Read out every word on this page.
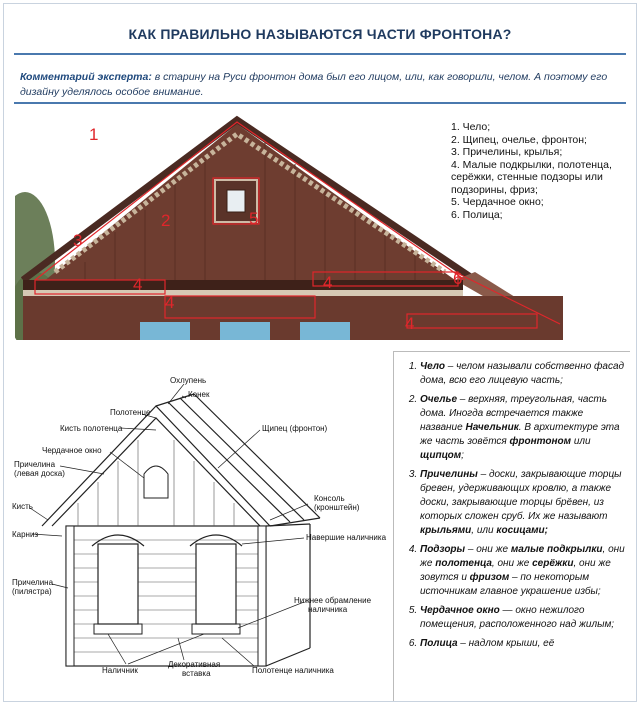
КАК ПРАВИЛЬНО НАЗЫВАЮТСЯ ЧАСТИ ФРОНТОНА?
Комментарий эксперта: в старину на Руси фронтон дома был его лицом, или, как говорили, челом. А поэтому его дизайну уделялось особое внимание.
1
2
3
4
4
4
4
5
6
1. Чело;
2. Щипец, очелье, фронтон;
3. Причелины, крылья;
4. Малые подкрылки, полотенца, серёжки, стенные подзоры или подзорины, фриз;
5. Чердачное окно;
6. Полица;
Охлупень
Конек
Полотенце
Щипец (фронтон)
Кисть полотенца
Чердачное окно
Причелина
(левая доска)
Кисть
Консоль
(кронштейн)
Карниз	Навершие наличника
Причелина
(пилястра)
Нижнее обрамление
наличника
Наличник
Декоративная
вставка	Полотенце наличника
1. Чело – челом называли собственно фасад дома, всю его лицевую часть;
2. Очелье – верхняя, треугольная, часть дома. Иногда встречается также название Начельник. В архитектуре эта же часть зовётся фронтоном или щипцом;
3. Причелины – доски, закрывающие торцы бревен, удерживающих кровлю, а также доски, закрывающие торцы брёвен, из которых сложен сруб. Их же называют крыльями, или косицами;
4. Подзоры – они же малые подкрылки, они же полотенца, они же серёжки, они же зовутся и фризом – по некоторым источникам главное украшение избы;
5. Чердачное окно — окно нежилого помещения, расположенного над жилым;
6. Полица – надлом крыши, её
